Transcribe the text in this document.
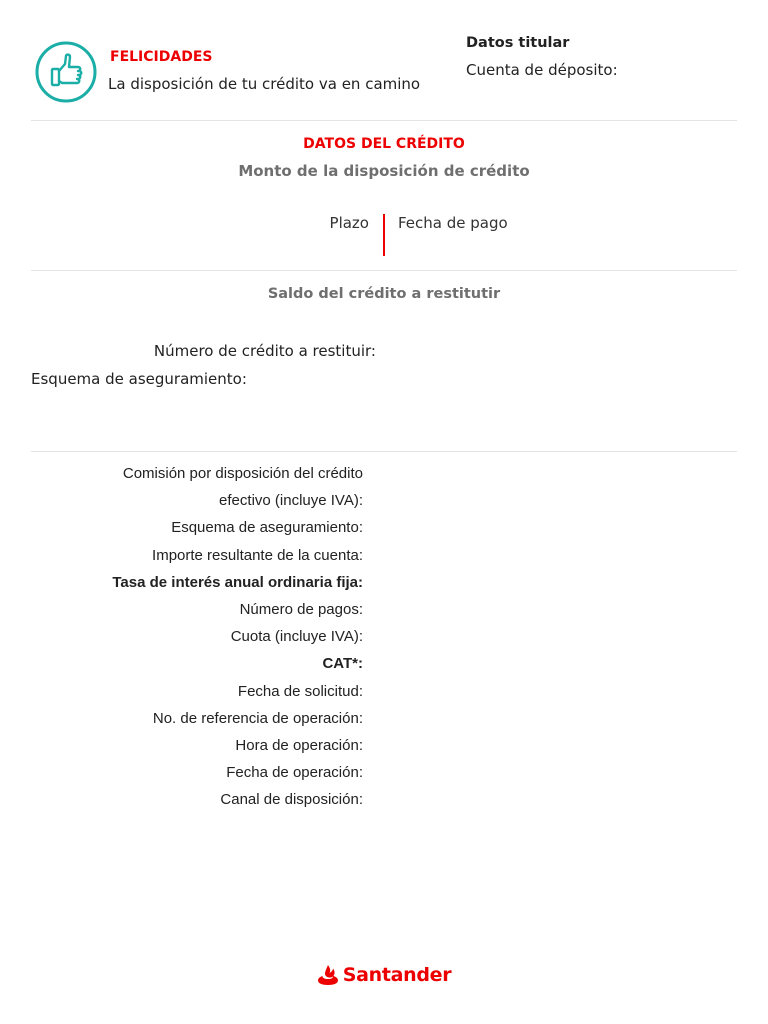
FELICIDADES
La disposición de tu crédito va en camino
Datos titular
Cuenta de déposito:
DATOS DEL CRÉDITO
Monto de la disposición de crédito
Plazo Fecha de pago
Saldo del crédito a restitutir
Número de crédito a restituir:
Esquema de aseguramiento:
Comisión por disposición del crédito
efectivo (incluye IVA):
Esquema de aseguramiento:
Importe resultante de la cuenta:
Tasa de interés anual ordinaria fija:
Número de pagos:
Cuota (incluye IVA):
CAT*:
Fecha de solicitud:
No. de referencia de operación:
Hora de operación:
Fecha de operación:
Canal de disposición:
Santander
